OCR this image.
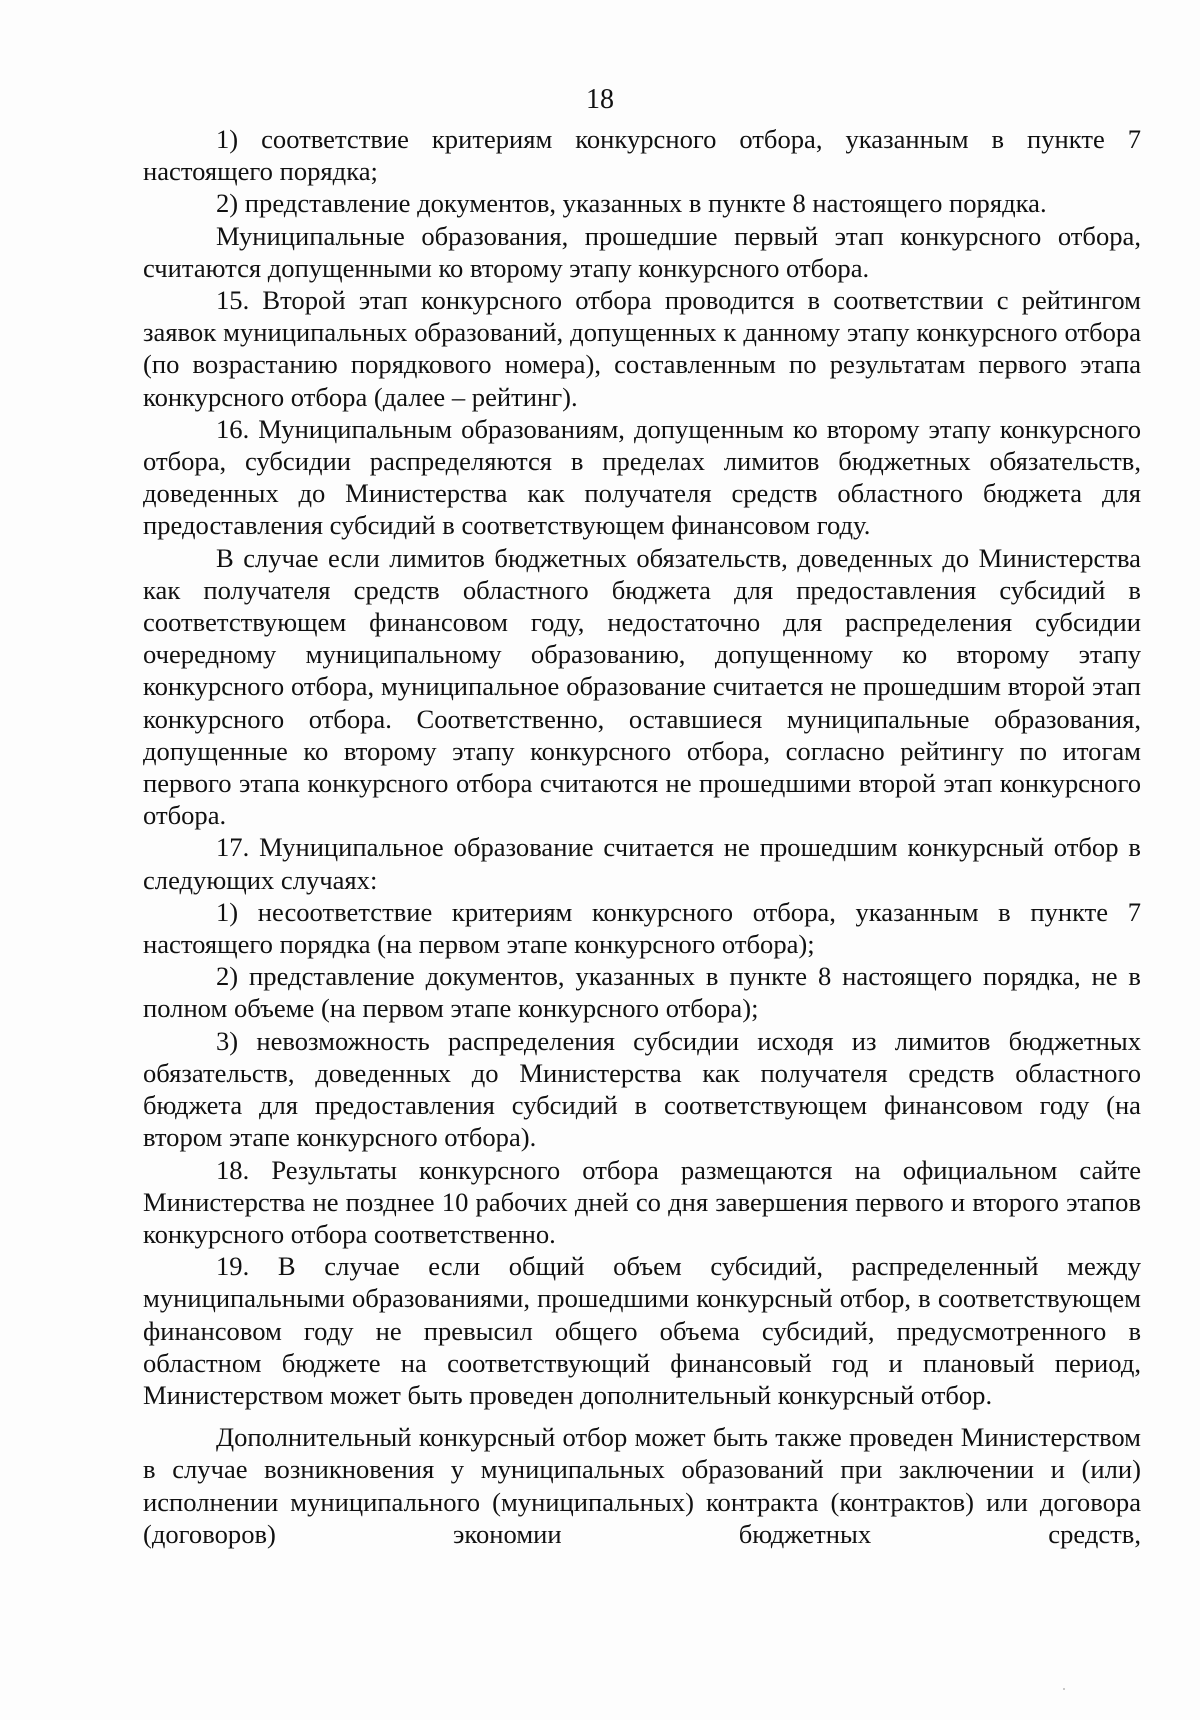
18

1) соответствие критериям конкурсного отбора, указанным в пункте 7 настоящего порядка;

2) представление документов, указанных в пункте 8 настоящего порядка.

Муниципальные образования, прошедшие первый этап конкурсного отбора, считаются допущенными ко второму этапу конкурсного отбора.

15. Второй этап конкурсного отбора проводится в соответствии с рейтингом заявок муниципальных образований, допущенных к данному этапу конкурсного отбора (по возрастанию порядкового номера), составленным по результатам первого этапа конкурсного отбора (далее – рейтинг).

16. Муниципальным образованиям, допущенным ко второму этапу конкурсного отбора, субсидии распределяются в пределах лимитов бюджетных обязательств, доведенных до Министерства как получателя средств областного бюджета для предоставления субсидий в соответствующем финансовом году.

В случае если лимитов бюджетных обязательств, доведенных до Министерства как получателя средств областного бюджета для предоставления субсидий в соответствующем финансовом году, недостаточно для распределения субсидии очередному муниципальному образованию, допущенному ко второму этапу конкурсного отбора, муниципальное образование считается не прошедшим второй этап конкурсного отбора. Соответственно, оставшиеся муниципальные образования, допущенные ко второму этапу конкурсного отбора, согласно рейтингу по итогам первого этапа конкурсного отбора считаются не прошедшими второй этап конкурсного отбора.

17. Муниципальное образование считается не прошедшим конкурсный отбор в следующих случаях:

1) несоответствие критериям конкурсного отбора, указанным в пункте 7 настоящего порядка (на первом этапе конкурсного отбора);

2) представление документов, указанных в пункте 8 настоящего порядка, не в полном объеме (на первом этапе конкурсного отбора);

3) невозможность распределения субсидии исходя из лимитов бюджетных обязательств, доведенных до Министерства как получателя средств областного бюджета для предоставления субсидий в соответствующем финансовом году (на втором этапе конкурсного отбора).

18. Результаты конкурсного отбора размещаются на официальном сайте Министерства не позднее 10 рабочих дней со дня завершения первого и второго этапов конкурсного отбора соответственно.

19. В случае если общий объем субсидий, распределенный между муниципальными образованиями, прошедшими конкурсный отбор, в соответствующем финансовом году не превысил общего объема субсидий, предусмотренного в областном бюджете на соответствующий финансовый год и плановый период, Министерством может быть проведен дополнительный конкурсный отбор.

Дополнительный конкурсный отбор может быть также проведен Министерством в случае возникновения у муниципальных образований при заключении и (или) исполнении муниципального (муниципальных) контракта (контрактов) или договора (договоров) экономии бюджетных средств,
